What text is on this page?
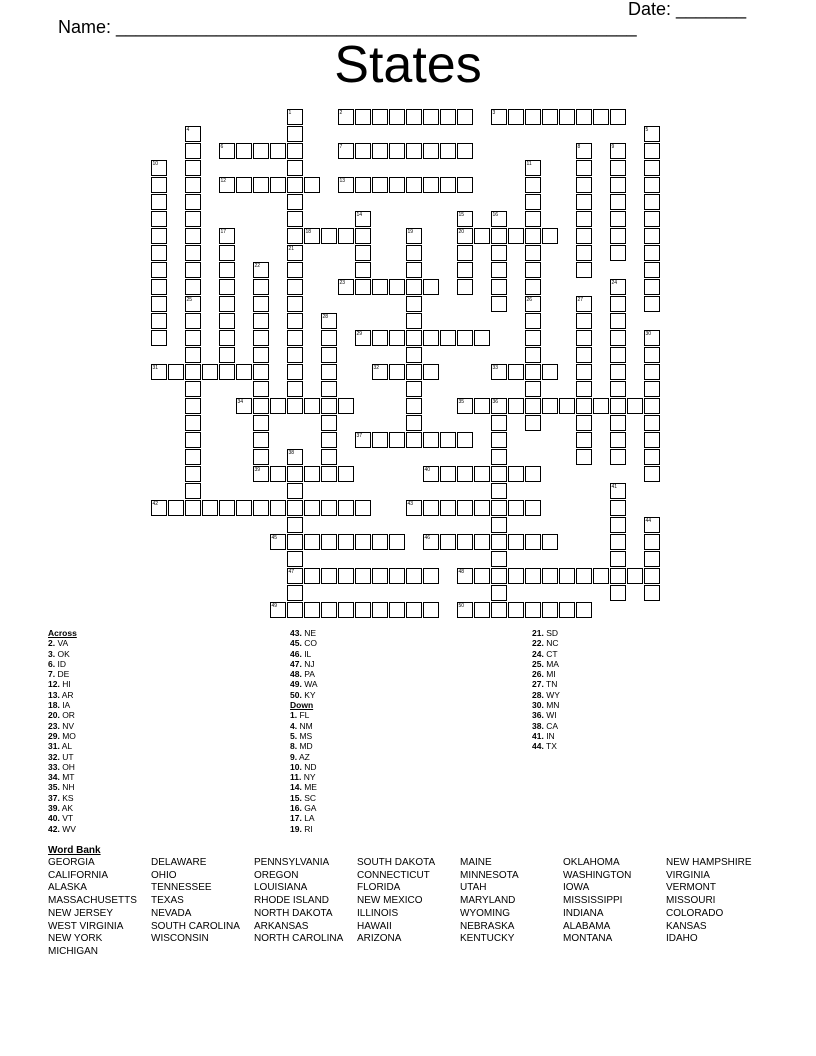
Name: ____________________________________________________

Date: _______

States
1	2	3
4	5
6	7	8	9
10	11
12	13
14	15	16
17	18	19	20
21
22
23	24
25	26	27
28
29	30
31	32	33
34	35	36
37
38
39	40
41
42	43
44
45	46
47	48
49	50
Across
2. VA
3. OK
6. ID
7. DE
12. HI
13. AR
18. IA
20. OR
23. NV
29. MO
31. AL
32. UT
33. OH
34. MT
35. NH
37. KS
39. AK
40. VT
42. WV
43. NE
45. CO
46. IL
47. NJ
48. PA
49. WA
50. KY
Down
1. FL
4. NM
5. MS
8. MD
9. AZ
10. ND
11. NY
14. ME
15. SC
16. GA
17. LA
19. RI
21. SD
22. NC
24. CT
25. MA
26. MI
27. TN
28. WY
30. MN
36. WI
38. CA
41. IN
44. TX
Word Bank
GEORGIA
CALIFORNIA
ALASKA
MASSACHUSETTS
NEW JERSEY
WEST VIRGINIA
NEW YORK
MICHIGAN
DELAWARE
OHIO
TENNESSEE
TEXAS
NEVADA
SOUTH CAROLINA
WISCONSIN
PENNSYLVANIA
OREGON
LOUISIANA
RHODE ISLAND
NORTH DAKOTA
ARKANSAS
NORTH CAROLINA
SOUTH DAKOTA
CONNECTICUT
FLORIDA
NEW MEXICO
ILLINOIS
HAWAII
ARIZONA
MAINE
MINNESOTA
UTAH
MARYLAND
WYOMING
NEBRASKA
KENTUCKY
OKLAHOMA
WASHINGTON
IOWA
MISSISSIPPI
INDIANA
ALABAMA
MONTANA
NEW HAMPSHIRE
VIRGINIA
VERMONT
MISSOURI
COLORADO
KANSAS
IDAHO
